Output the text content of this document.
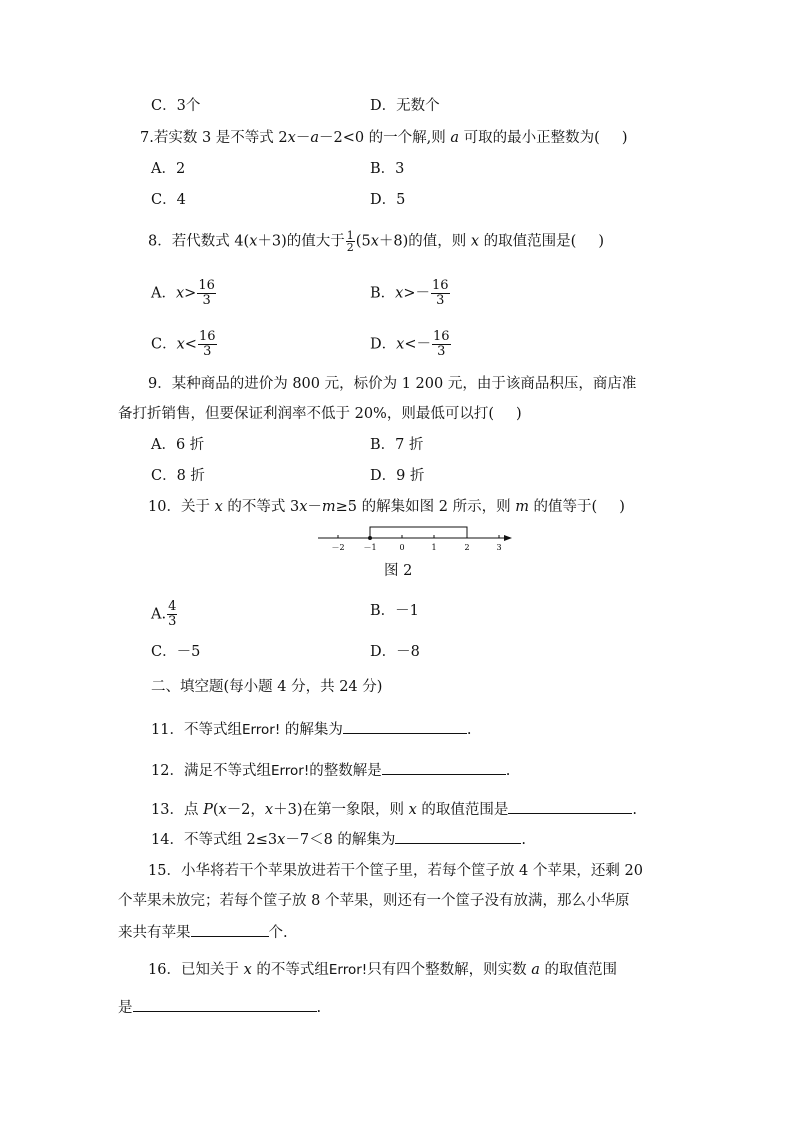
C．3个	D．无数个
7.若实数 3 是不等式 2x－a－2<0 的一个解,则 a 可取的最小正整数为( )
A．2	B．3
C．4	D．5
8．若代数式 4(x＋3)的值大于 $\frac{1}{2} (5x+8)$的值，则 x 的取值范围是( )
A．$x> \frac{16}{3}$	B．$x>- \frac{16}{3}$
C．$x< \frac{16}{3}$	D．$x<- \frac{16}{3}$
9．某种商品的进价为 800 元，标价为 1 200 元，由于该商品积压，商店准
备打折销售，但要保证利润率不低于 20%，则最低可以打( )
A．6 折	B．7 折
C．8 折	D．9 折
10．关于 x 的不等式 3x－m≥5 的解集如图 2 所示，则 m 的值等于( )
－2 －1	0	1	2	3
图 2
A. $\frac{4}{3}$	B．－1
C．－5	D．－8
二、填空题(每小题 4 分，共 24 分)
11．不等式组Error! 的解集为	.
12．满足不等式组Error!的整数解是	.
13．点 P(x－2，x＋3)在第一象限，则 x 的取值范围是	.
14．不等式组 2≤3x－7＜8 的解集为	.
15．小华将若干个苹果放进若干个筐子里，若每个筐子放 4 个苹果，还剩 20
个苹果未放完；若每个筐子放 8 个苹果，则还有一个筐子没有放满，那么小华原
来共有苹果	个.
16．已知关于 x 的不等式组Error!只有四个整数解，则实数 a 的取值范围
是	.
